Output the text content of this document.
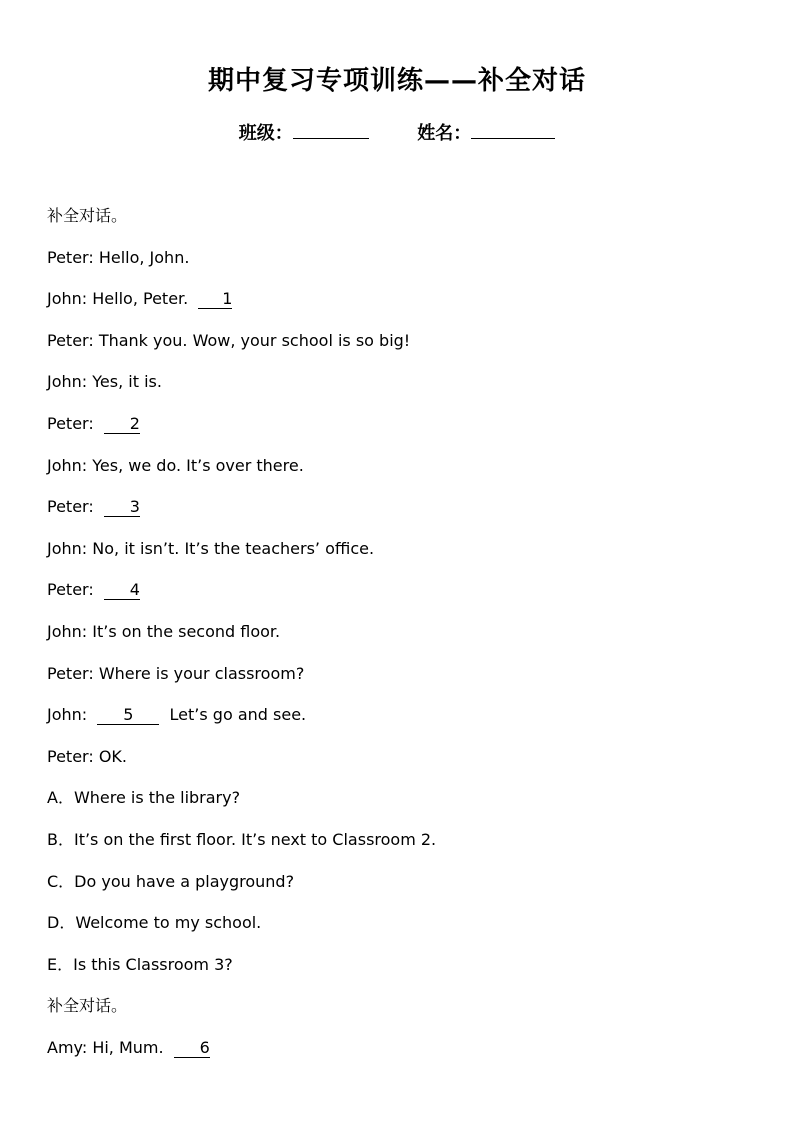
期中复习专项训练——补全对话
班级：	姓名：
补全对话。
Peter: Hello, John.
John: Hello, Peter.  1
Peter: Thank you. Wow, your school is so big!
John: Yes, it is.
Peter:  2
John: Yes, we do. It’s over there.
Peter:  3
John: No, it isn’t. It’s the teachers’ office.
Peter:  4
John: It’s on the second floor.
Peter: Where is your classroom?
John:  5  Let’s go and see.
Peter: OK.
A．Where is the library?
B．It’s on the first floor. It’s next to Classroom 2.
C．Do you have a playground?
D．Welcome to my school.
E．Is this Classroom 3?
补全对话。
Amy: Hi, Mum.  6
